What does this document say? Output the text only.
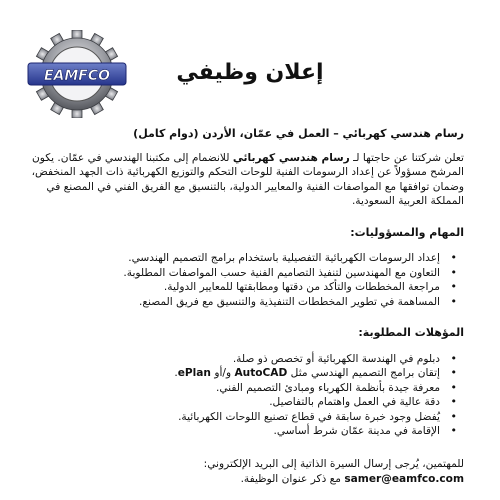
EAMFCO	إعلان وظيفي

رسام هندسي كهربائي – العمل في عمّان، الأردن (دوام كامل)

تعلن شركتنا عن حاجتها لـ رسام هندسي كهربائي للانضمام إلى مكتبنا الهندسي في عمّان. يكون المرشح مسؤولاً عن إعداد الرسومات الفنية للوحات التحكم والتوزيع الكهربائية ذات الجهد المنخفض، وضمان توافقها مع المواصفات الفنية والمعايير الدولية، بالتنسيق مع الفريق الفني في المصنع في المملكة العربية السعودية.

المهام والمسؤوليات:
• إعداد الرسومات الكهربائية التفصيلية باستخدام برامج التصميم الهندسي.
• التعاون مع المهندسين لتنفيذ التصاميم الفنية حسب المواصفات المطلوبة.
• مراجعة المخططات والتأكد من دقتها ومطابقتها للمعايير الدولية.
• المساهمة في تطوير المخططات التنفيذية والتنسيق مع فريق المصنع.
المؤهلات المطلوبة:
• دبلوم في الهندسة الكهربائية أو تخصص ذو صلة.
• إتقان برامج التصميم الهندسي مثل AutoCAD و/أو ePlan.
• معرفة جيدة بأنظمة الكهرباء ومبادئ التصميم الفني.
• دقة عالية في العمل واهتمام بالتفاصيل.
• يُفضل وجود خبرة سابقة في قطاع تصنيع اللوحات الكهربائية.
• الإقامة في مدينة عمّان شرط أساسي.
للمهتمين، يُرجى إرسال السيرة الذاتية إلى البريد الإلكتروني:
samer@eamfco.com مع ذكر عنوان الوظيفة.
